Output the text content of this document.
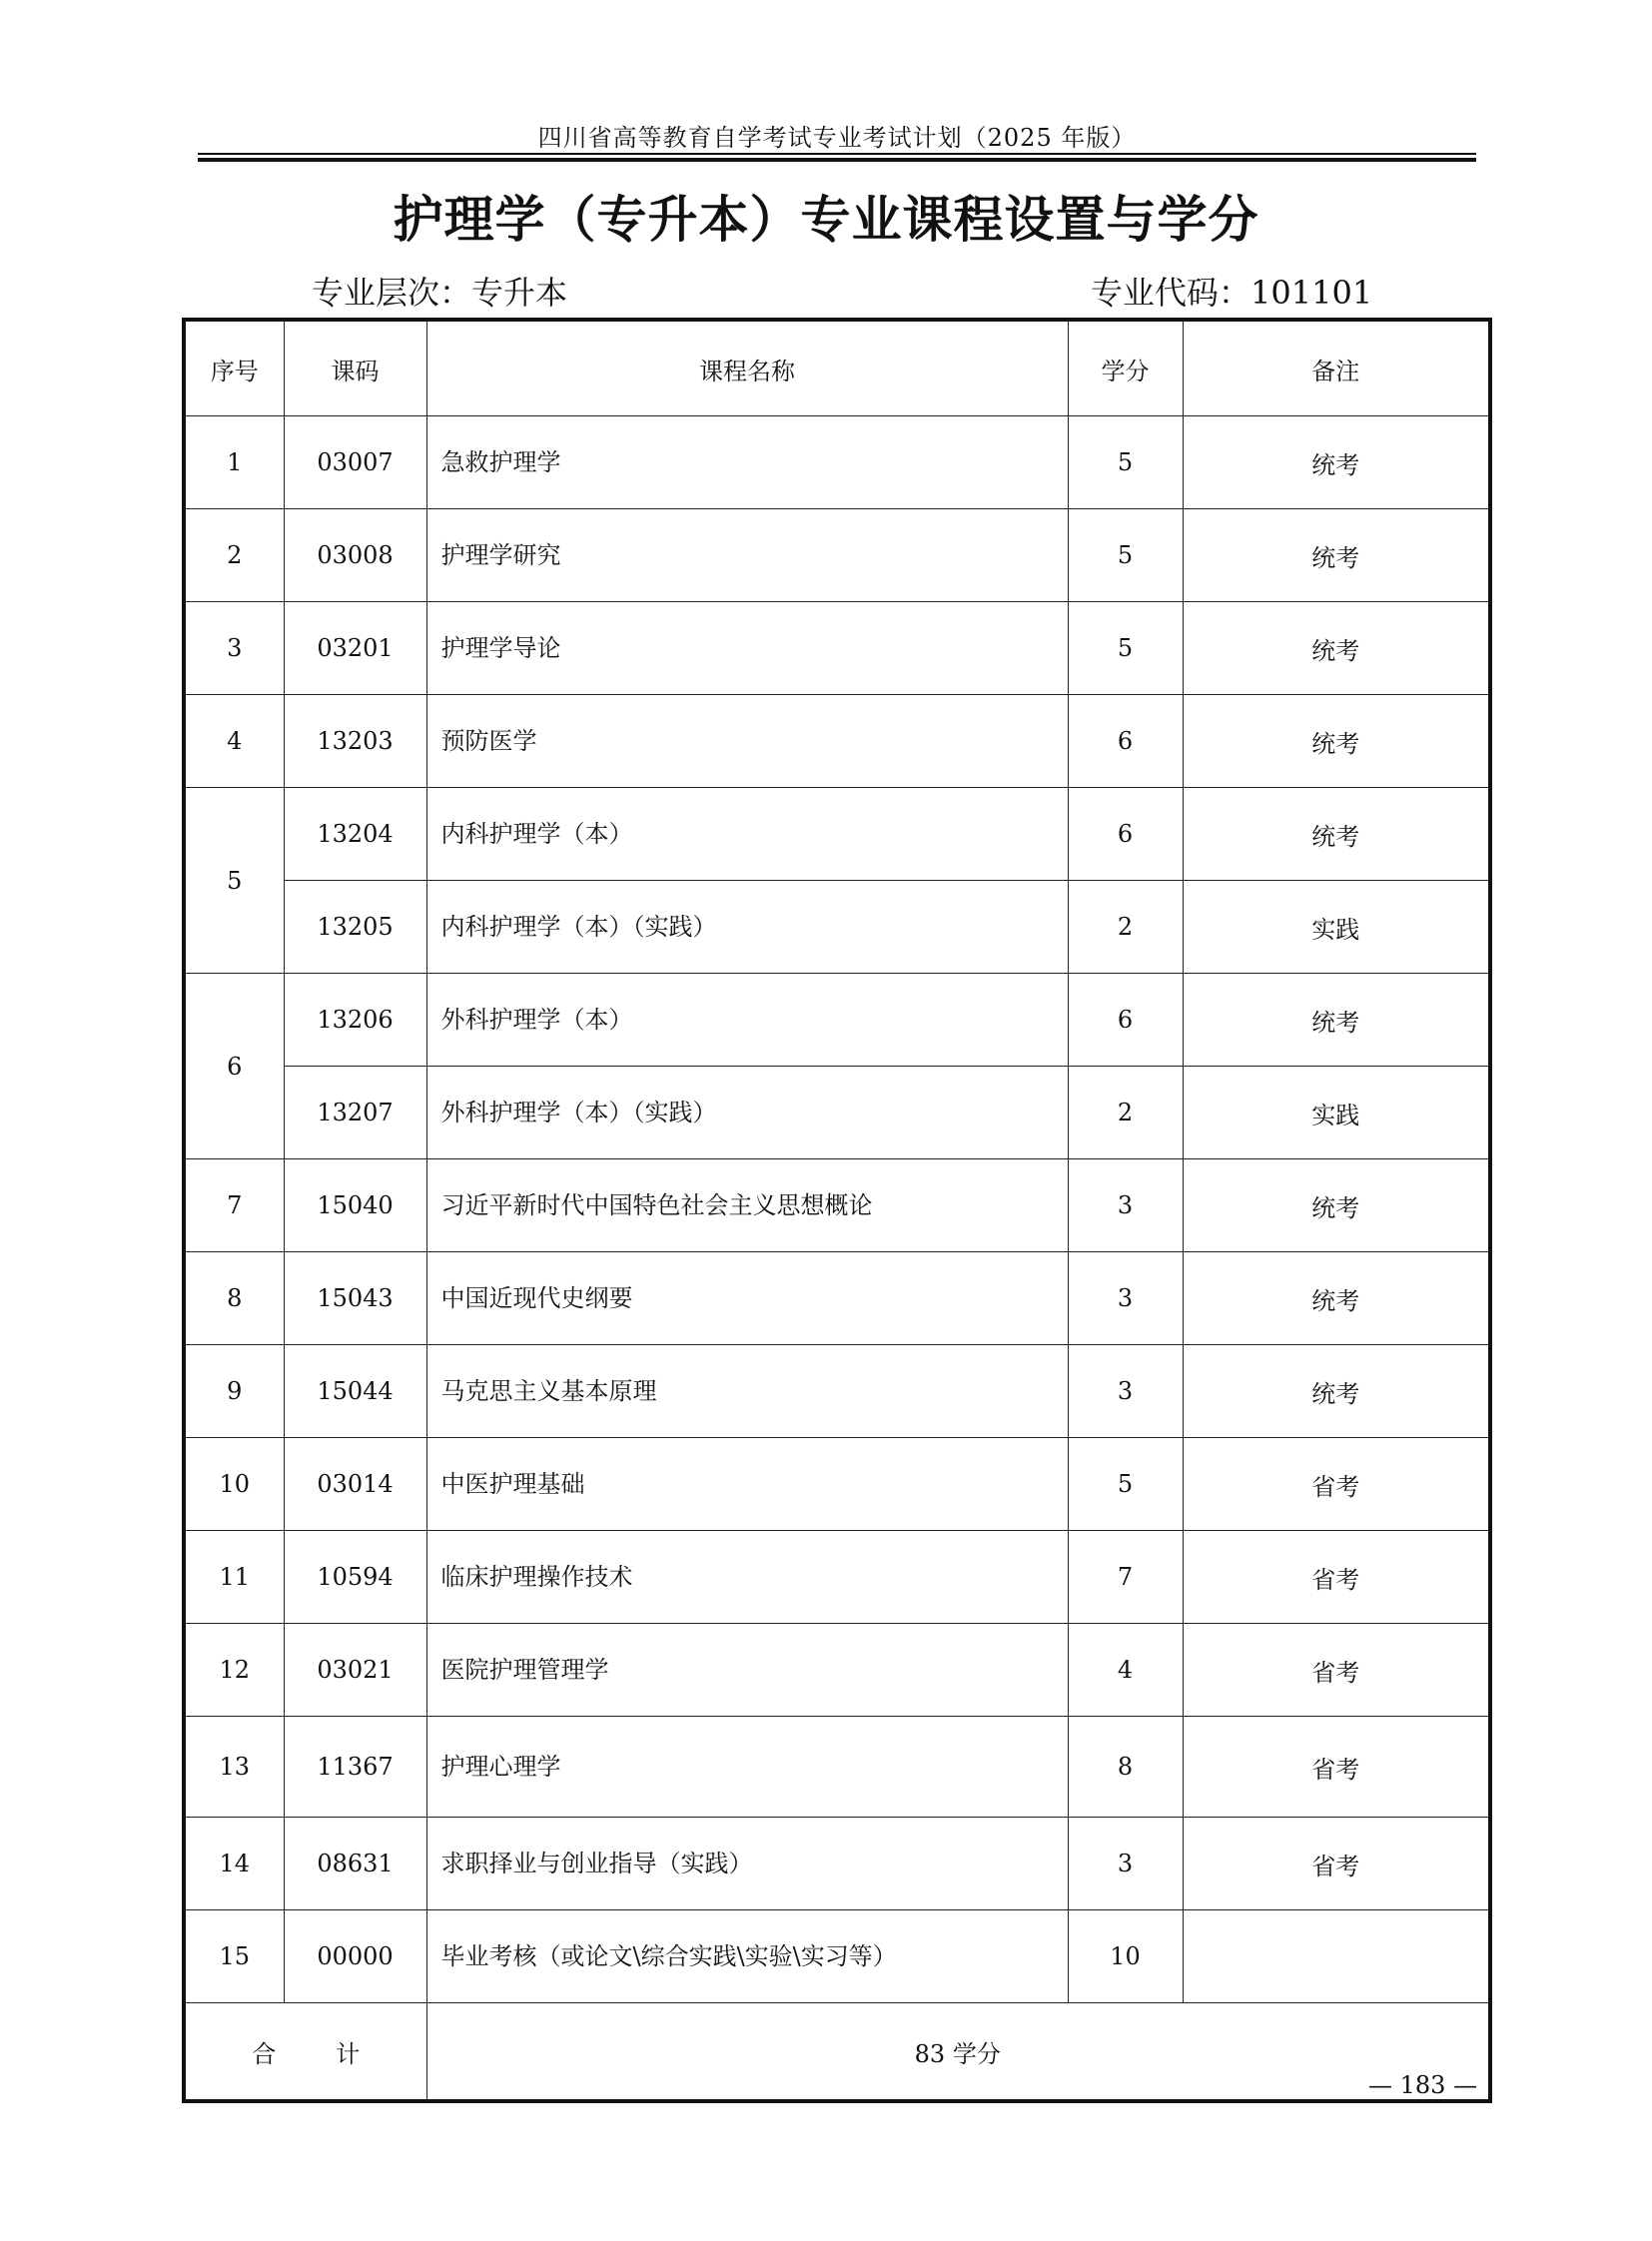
四川省高等教育自学考试专业考试计划（2025 年版）
护理学（专升本）专业课程设置与学分
专业层次：专升本	专业代码：101101
序号	课码	课程名称	学分	备注
1	03007	急救护理学	5	统考
2	03008	护理学研究	5	统考
3	03201	护理学导论	5	统考
4	13203	预防医学	6	统考
5	13204	内科护理学（本）	6	统考
	13205	内科护理学（本）（实践）	2	实践
6	13206	外科护理学（本）	6	统考
	13207	外科护理学（本）（实践）	2	实践
7	15040	习近平新时代中国特色社会主义思想概论	3	统考
8	15043	中国近现代史纲要	3	统考
9	15044	马克思主义基本原理	3	统考
10	03014	中医护理基础	5	省考
11	10594	临床护理操作技术	7	省考
12	03021	医院护理管理学	4	省考
13	11367	护理心理学	8	省考
14	08631	求职择业与创业指导（实践）	3	省考
15	00000	毕业考核（或论文\综合实践\实验\实习等）	10	
合 计		83 学分		
— 183 —
